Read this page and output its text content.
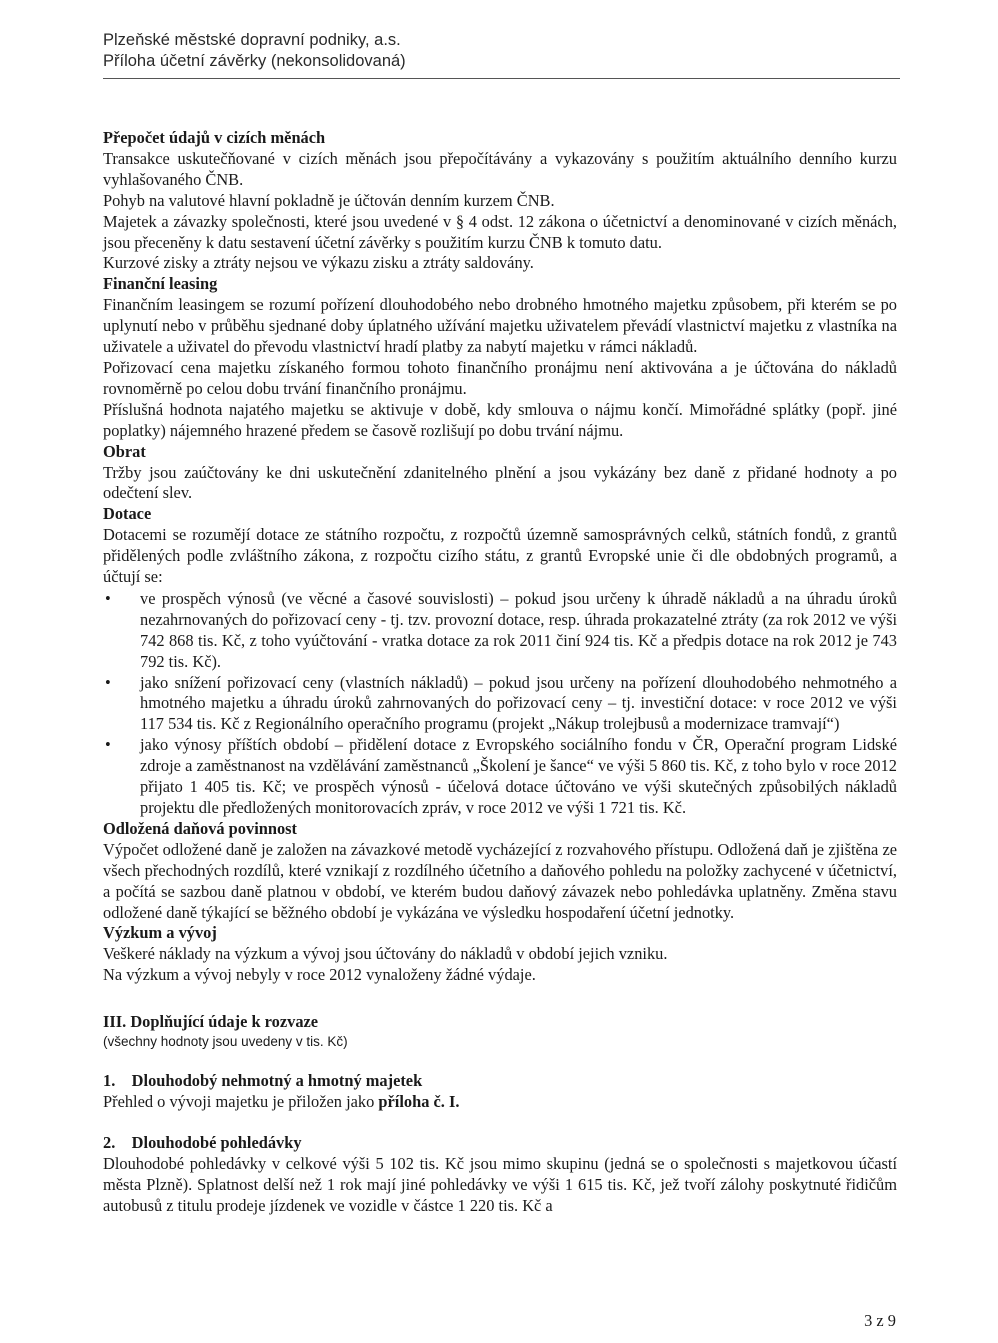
Plzeňské městské dopravní podniky, a.s.
Příloha účetní závěrky (nekonsolidovaná)
Přepočet údajů v cizích měnách

Transakce uskutečňované v cizích měnách jsou přepočítávány a vykazovány s použitím aktuálního denního kurzu vyhlašovaného ČNB.

Pohyb na valutové hlavní pokladně je účtován denním kurzem ČNB.

Majetek a závazky společnosti, které jsou uvedené v § 4 odst. 12 zákona o účetnictví a denominované v cizích měnách, jsou přeceněny k datu sestavení účetní závěrky s použitím kurzu ČNB k tomuto datu.

Kurzové zisky a ztráty nejsou ve výkazu zisku a ztráty saldovány.

Finanční leasing

Finančním leasingem se rozumí pořízení dlouhodobého nebo drobného hmotného majetku způsobem, při kterém se po uplynutí nebo v průběhu sjednané doby úplatného užívání majetku uživatelem převádí vlastnictví majetku z vlastníka na uživatele a uživatel do převodu vlastnictví hradí platby za nabytí majetku v rámci nákladů.

Pořizovací cena majetku získaného formou tohoto finančního pronájmu není aktivována a je účtována do nákladů rovnoměrně po celou dobu trvání finančního pronájmu.

Příslušná hodnota najatého majetku se aktivuje v době, kdy smlouva o nájmu končí. Mimořádné splátky (popř. jiné poplatky) nájemného hrazené předem se časově rozlišují po dobu trvání nájmu.

Obrat

Tržby jsou zaúčtovány ke dni uskutečnění zdanitelného plnění a jsou vykázány bez daně z přidané hodnoty a po odečtení slev.

Dotace

Dotacemi se rozumějí dotace ze státního rozpočtu, z rozpočtů územně samosprávných celků, státních fondů, z grantů přidělených podle zvláštního zákona, z rozpočtu cizího státu, z grantů Evropské unie či dle obdobných programů, a účtují se:

• ve prospěch výnosů (ve věcné a časové souvislosti) – pokud jsou určeny k úhradě nákladů a na úhradu úroků nezahrnovaných do pořizovací ceny - tj. tzv. provozní dotace, resp. úhrada prokazatelné ztráty (za rok 2012 ve výši 742 868 tis. Kč, z toho vyúčtování - vratka dotace za rok 2011 činí 924 tis. Kč a předpis dotace na rok 2012 je 743 792 tis. Kč).
• jako snížení pořizovací ceny (vlastních nákladů) – pokud jsou určeny na pořízení dlouhodobého nehmotného a hmotného majetku a úhradu úroků zahrnovaných do pořizovací ceny – tj. investiční dotace: v roce 2012 ve výši 117 534 tis. Kč z Regionálního operačního programu (projekt „Nákup trolejbusů a modernizace tramvají“)
• jako výnosy příštích období – přidělení dotace z Evropského sociálního fondu v ČR, Operační program Lidské zdroje a zaměstnanost na vzdělávání zaměstnanců „Školení je šance“ ve výši 5 860 tis. Kč, z toho bylo v roce 2012 přijato 1 405 tis. Kč; ve prospěch výnosů - účelová dotace účtováno ve výši skutečných způsobilých nákladů projektu dle předložených monitorovacích zpráv, v roce 2012 ve výši 1 721 tis. Kč.
Odložená daňová povinnost

Výpočet odložené daně je založen na závazkové metodě vycházející z rozvahového přístupu. Odložená daň je zjištěna ze všech přechodných rozdílů, které vznikají z rozdílného účetního a daňového pohledu na položky zachycené v účetnictví, a počítá se sazbou daně platnou v období, ve kterém budou daňový závazek nebo pohledávka uplatněny. Změna stavu odložené daně týkající se běžného období je vykázána ve výsledku hospodaření účetní jednotky.

Výzkum a vývoj

Veškeré náklady na výzkum a vývoj jsou účtovány do nákladů v období jejich vzniku.

Na výzkum a vývoj nebyly v roce 2012 vynaloženy žádné výdaje.

III. Doplňující údaje k rozvaze
(všechny hodnoty jsou uvedeny v tis. Kč)
1. Dlouhodobý nehmotný a hmotný majetek

Přehled o vývoji majetku je přiložen jako příloha č. I.

2. Dlouhodobé pohledávky

Dlouhodobé pohledávky v celkové výši 5 102 tis. Kč jsou mimo skupinu (jedná se o společnosti s majetkovou účastí města Plzně). Splatnost delší než 1 rok mají jiné pohledávky ve výši 1 615 tis. Kč, jež tvoří zálohy poskytnuté řidičům autobusů z titulu prodeje jízdenek ve vozidle v částce 1 220 tis. Kč a

3 z 9
